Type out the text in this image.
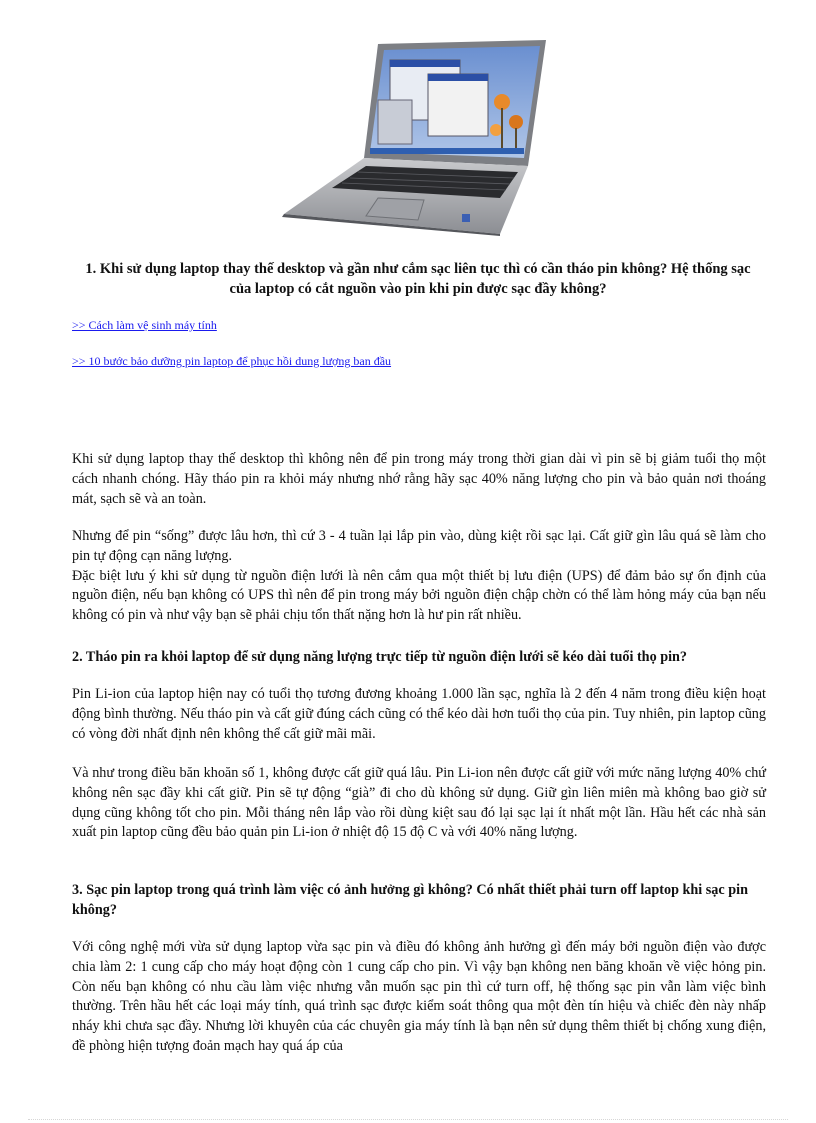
1. Khi sử dụng laptop thay thế desktop và gần như cắm sạc liên tục thì có cần tháo pin không? Hệ thống sạc của laptop có cắt nguồn vào pin khi pin được sạc đầy không?
>> Cách làm vệ sinh máy tính
>> 10 bước bảo dưỡng pin laptop để phục hồi dung lượng ban đầu

Khi sử dụng laptop thay thế desktop thì không nên để pin trong máy trong thời gian dài vì pin sẽ bị giảm tuổi thọ một cách nhanh chóng. Hãy tháo pin ra khỏi máy nhưng nhớ rằng hãy sạc 40% năng lượng cho pin và bảo quản nơi thoáng mát, sạch sẽ và an toàn.

Nhưng để pin “sống” được lâu hơn, thì cứ 3 - 4 tuần lại lắp pin vào, dùng kiệt rồi sạc lại. Cất giữ gìn lâu quá sẽ làm cho pin tự động cạn năng lượng.

Đặc biệt lưu ý khi sử dụng từ nguồn điện lưới là nên cắm qua một thiết bị lưu điện (UPS) để đảm bảo sự ổn định của nguồn điện, nếu bạn không có UPS thì nên để pin trong máy bởi nguồn điện chập chờn có thể làm hỏng máy của bạn nếu không có pin và như vậy bạn sẽ phải chịu tổn thất nặng hơn là hư pin rất nhiều.

2. Tháo pin ra khỏi laptop để sử dụng năng lượng trực tiếp từ nguồn điện lưới sẽ kéo dài tuổi thọ pin?

Pin Li-ion của laptop hiện nay có tuổi thọ tương đương khoảng 1.000 lần sạc, nghĩa là 2 đến 4 năm trong điều kiện hoạt động bình thường. Nếu tháo pin và cất giữ đúng cách cũng có thể kéo dài hơn tuổi thọ của pin. Tuy nhiên, pin laptop cũng có vòng đời nhất định nên không thể cất giữ mãi mãi.

Và như trong điều băn khoăn số 1, không được cất giữ quá lâu. Pin Li-ion nên được cất giữ với mức năng lượng 40% chứ không nên sạc đầy khi cất giữ. Pin sẽ tự động “già” đi cho dù không sử dụng. Giữ gìn liên miên mà không bao giờ sử dụng cũng không tốt cho pin. Mỗi tháng nên lắp vào rồi dùng kiệt sau đó lại sạc lại ít nhất một lần. Hầu hết các nhà sản xuất pin laptop cũng đều bảo quản pin Li-ion ở nhiệt độ 15 độ C và với 40% năng lượng.

3. Sạc pin laptop trong quá trình làm việc có ảnh hưởng gì không? Có nhất thiết phải turn off laptop khi sạc pin không?

Với công nghệ mới vừa sử dụng laptop vừa sạc pin và điều đó không ảnh hưởng gì đến máy bởi nguồn điện vào được chia làm 2: 1 cung cấp cho máy hoạt động còn 1 cung cấp cho pin. Vì vậy bạn không nen băng khoăn về việc hỏng pin. Còn nếu bạn không có nhu cầu làm việc nhưng vẫn muốn sạc pin thì cứ turn off, hệ thống sạc pin vẫn làm việc bình thường. Trên hầu hết các loại máy tính, quá trình sạc được kiểm soát thông qua một đèn tín hiệu và chiếc đèn này nhấp nháy khi chưa sạc đầy. Nhưng lời khuyên của các chuyên gia máy tính là bạn nên sử dụng thêm thiết bị chống xung điện, đề phòng hiện tượng đoản mạch hay quá áp của
